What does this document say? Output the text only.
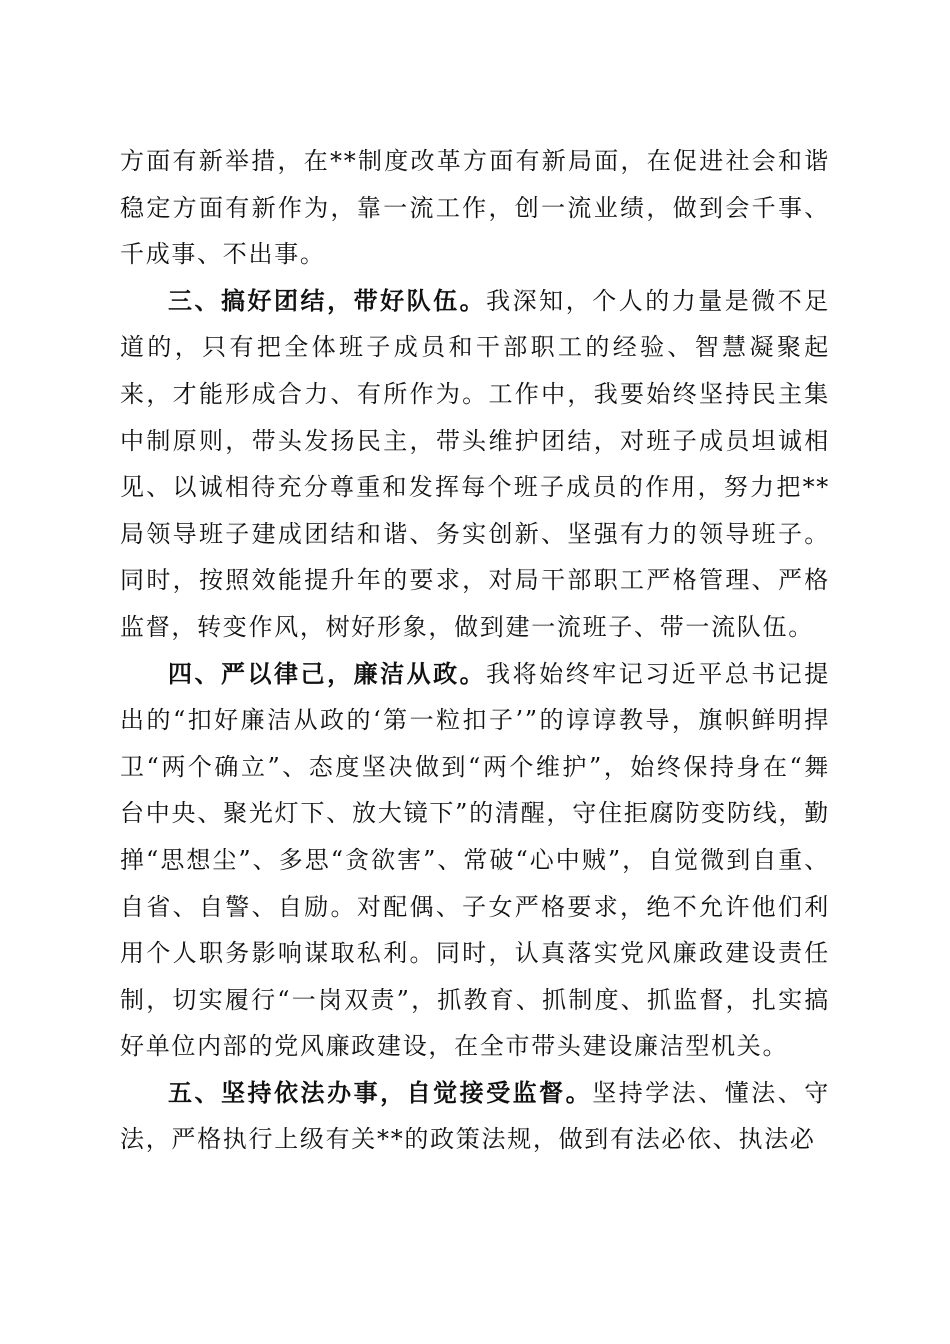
方面有新举措，在**制度改革方面有新局面，在促进社会和谐稳定方面有新作为，靠一流工作，创一流业绩，做到会千事、千成事、不出事。

三、搞好团结，带好队伍。我深知，个人的力量是微不足道的，只有把全体班子成员和干部职工的经验、智慧凝聚起来，才能形成合力、有所作为。工作中，我要始终坚持民主集中制原则，带头发扬民主，带头维护团结，对班子成员坦诚相见、以诚相待充分尊重和发挥每个班子成员的作用，努力把**局领导班子建成团结和谐、务实创新、坚强有力的领导班子。同时，按照效能提升年的要求，对局干部职工严格管理、严格监督，转变作风，树好形象，做到建一流班子、带一流队伍。

四、严以律己，廉洁从政。我将始终牢记习近平总书记提出的“扣好廉洁从政的‘第一粒扣子’”的谆谆教导，旗帜鲜明捍卫“两个确立”、态度坚决做到“两个维护”，始终保持身在“舞台中央、聚光灯下、放大镜下”的清醒，守住拒腐防变防线，勤掸“思想尘”、多思“贪欲害”、常破“心中贼”，自觉微到自重、自省、自警、自励。对配偶、子女严格要求，绝不允许他们利用个人职务影响谋取私利。同时，认真落实党风廉政建设责任制，切实履行“一岗双责”，抓教育、抓制度、抓监督，扎实搞好单位内部的党风廉政建设，在全市带头建设廉洁型机关。

五、坚持依法办事，自觉接受监督。坚持学法、懂法、守法，严格执行上级有关**的政策法规，做到有法必依、执法必
